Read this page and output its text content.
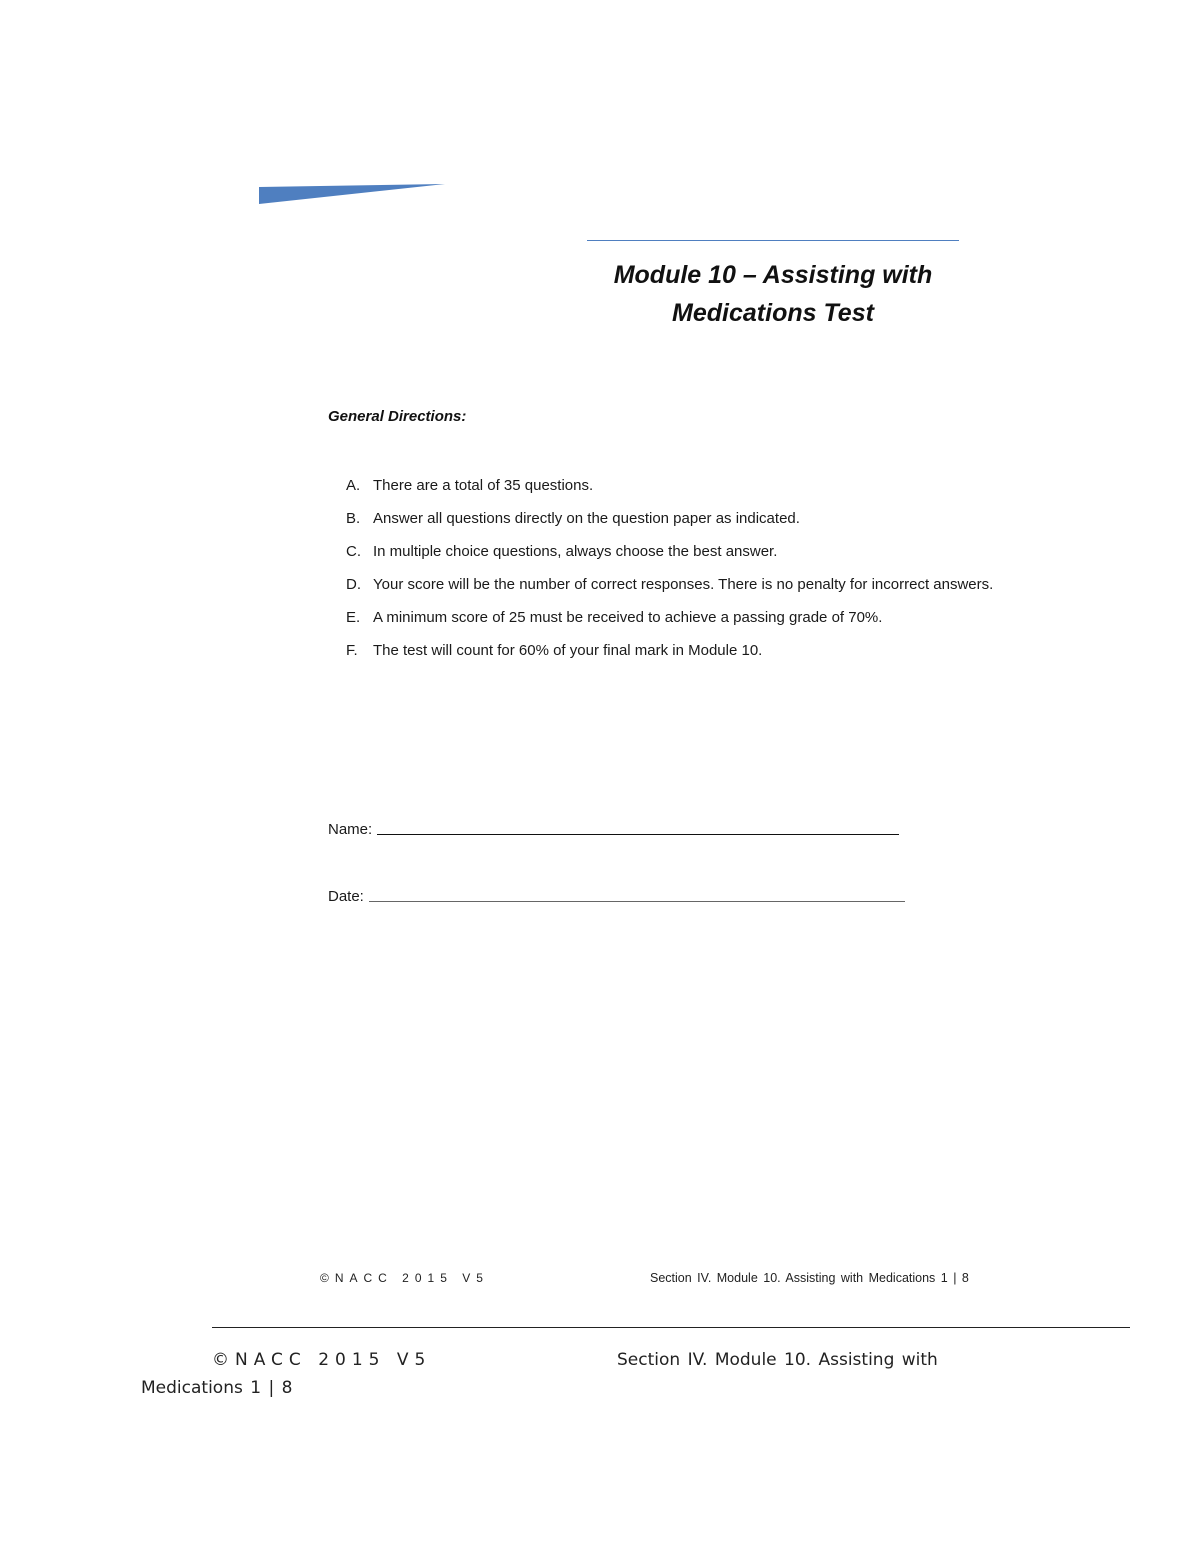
Module 10 – Assisting with
Medications Test
General Directions:
A. There are a total of 35 questions.
B. Answer all questions directly on the question paper as indicated.
C. In multiple choice questions, always choose the best answer.
D. Your score will be the number of correct responses. There is no penalty for incorrect answers.
E. A minimum score of 25 must be received to achieve a passing grade of 70%.
F.	The test will count for 60% of your final mark in Module 10.
Name:
Date:
©NACC 2015 V5	Section IV. Module 10. Assisting with Medications 1 | 8
©NACC 2015 V5	Section IV. Module 10. Assisting with
Medications 1 | 8
